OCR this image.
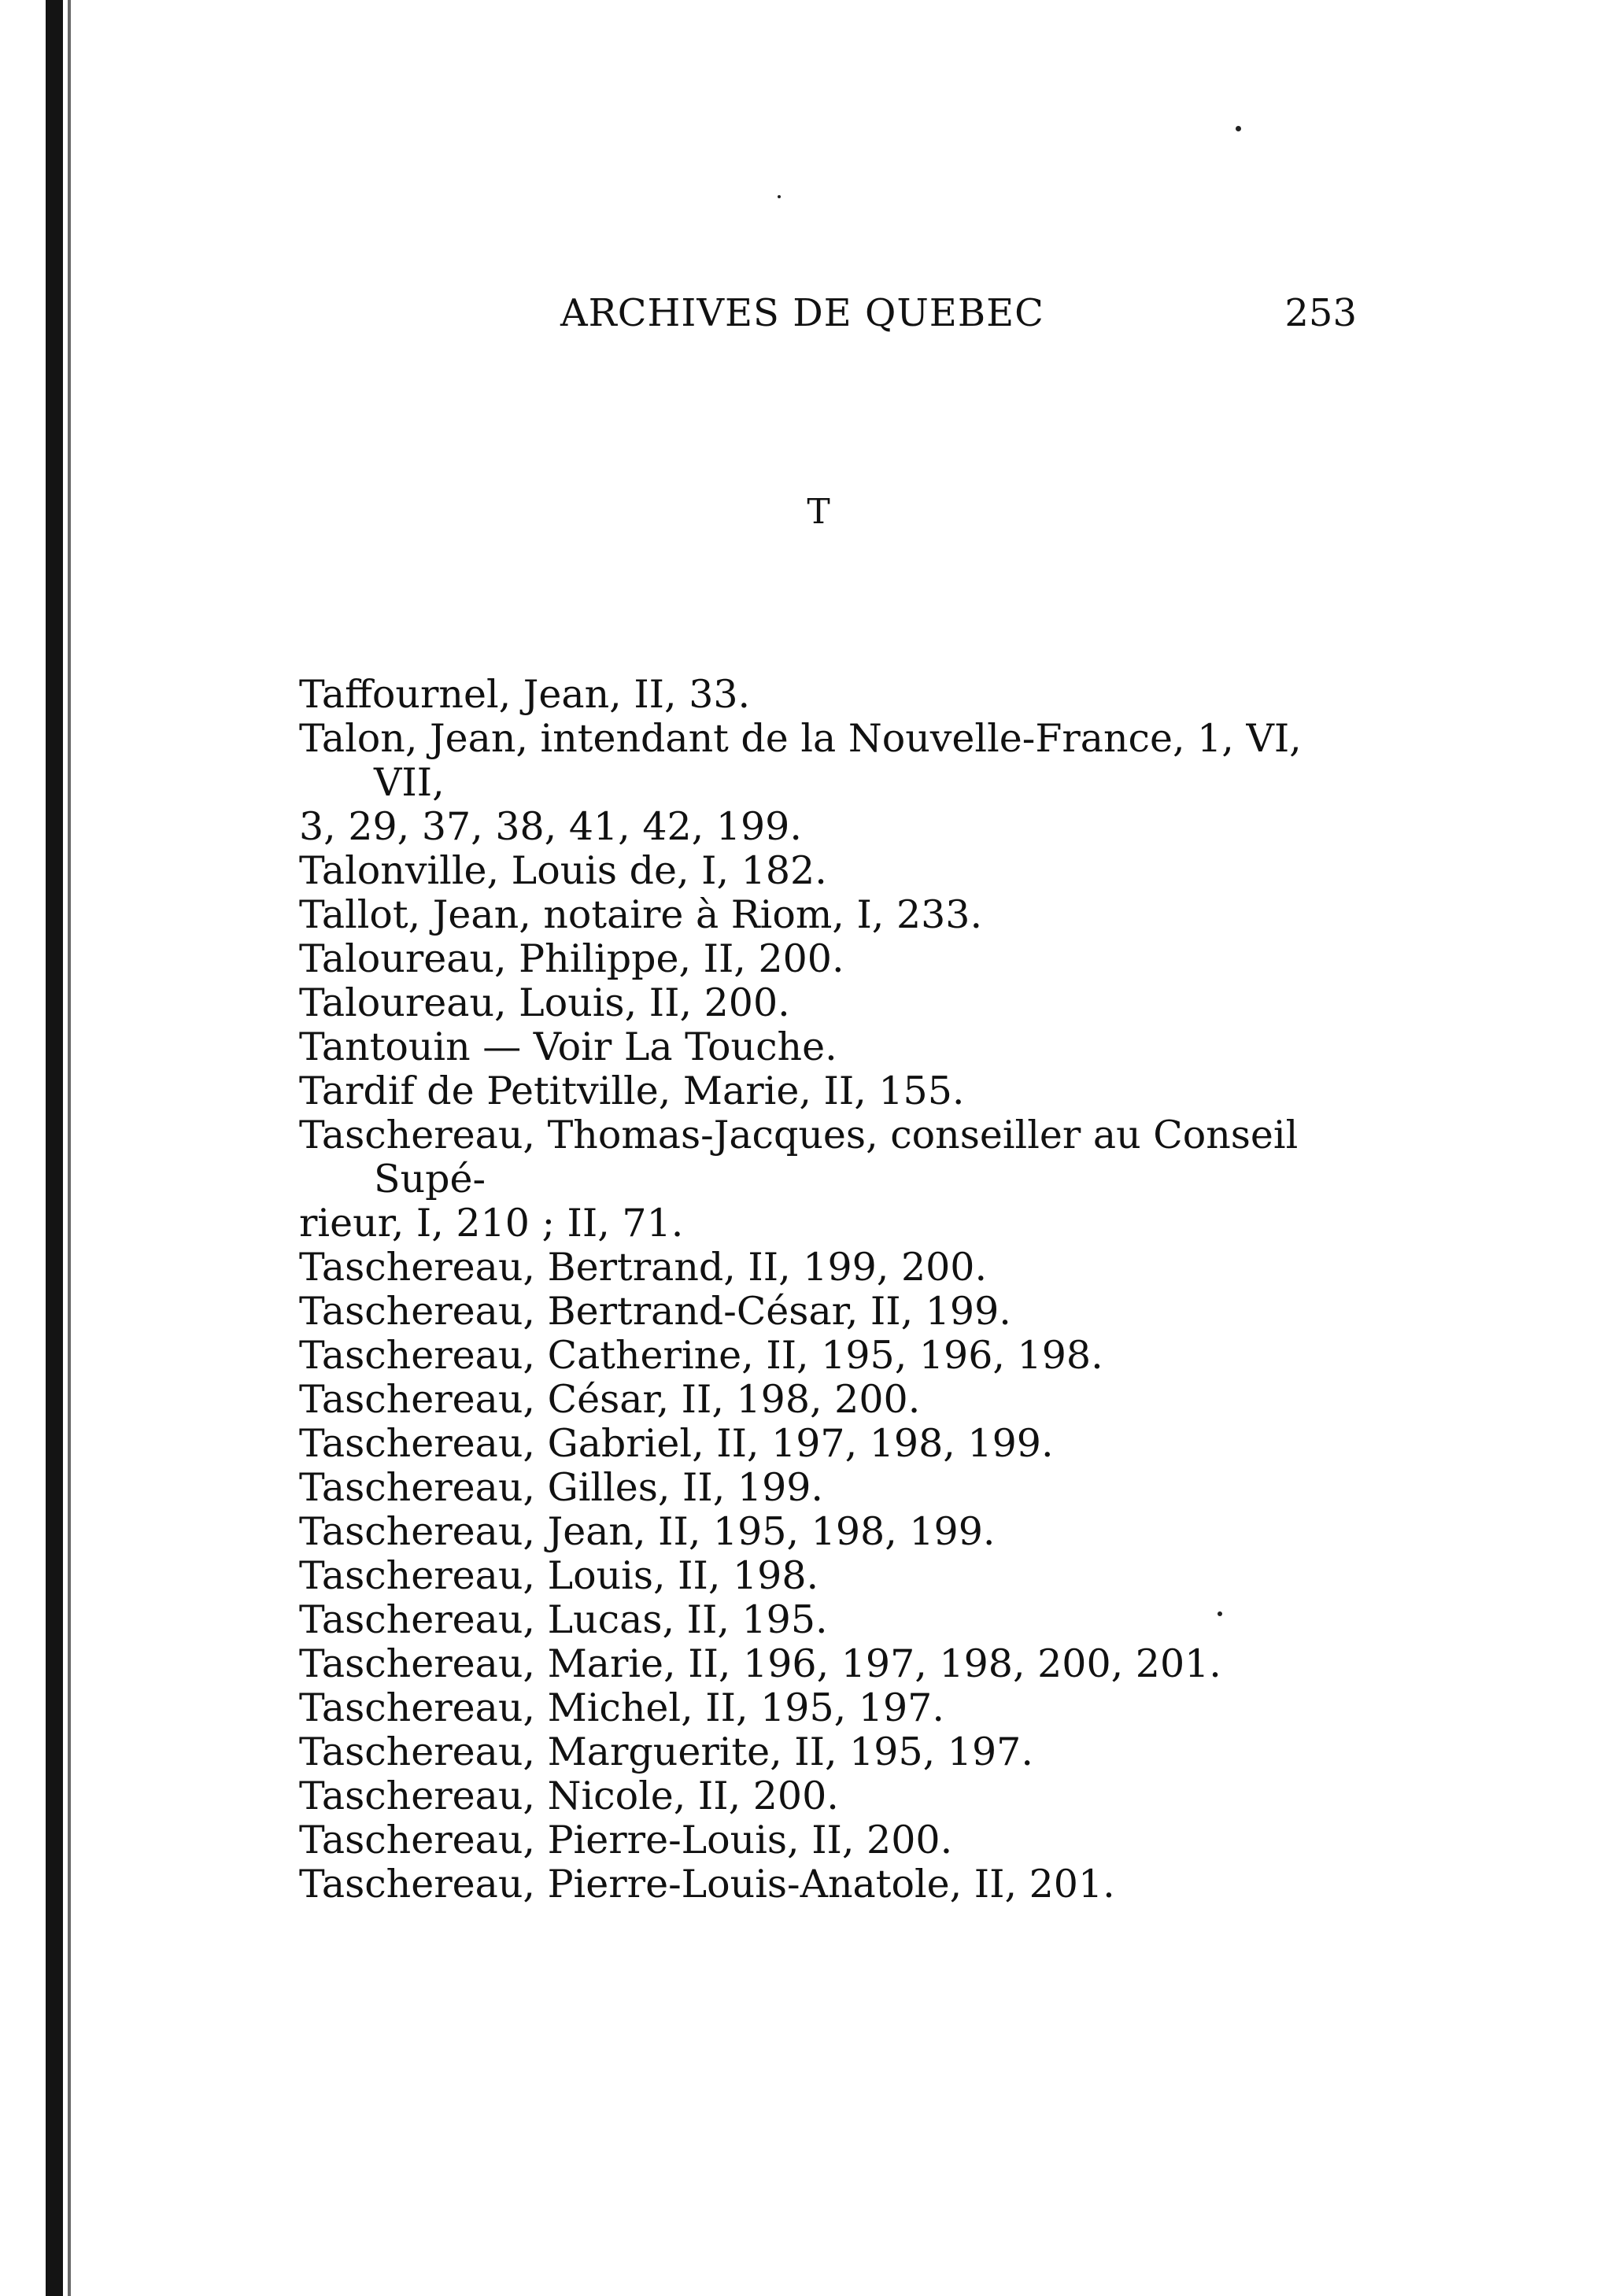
ARCHIVES DE QUEBEC	253
T
Taffournel, Jean, II, 33.
Talon, Jean, intendant de la Nouvelle-France, 1, VI, VII,
3, 29, 37, 38, 41, 42, 199.
Talonville, Louis de, I, 182.
Tallot, Jean, notaire à Riom, I, 233.
Taloureau, Philippe, II, 200.
Taloureau, Louis, II, 200.
Tantouin — Voir La Touche.
Tardif de Petitville, Marie, II, 155.
Taschereau, Thomas-Jacques, conseiller au Conseil Supé-
rieur, I, 210 ; II, 71.
Taschereau, Bertrand, II, 199, 200.
Taschereau, Bertrand-César, II, 199.
Taschereau, Catherine, II, 195, 196, 198.
Taschereau, César, II, 198, 200.
Taschereau, Gabriel, II, 197, 198, 199.
Taschereau, Gilles, II, 199.
Taschereau, Jean, II, 195, 198, 199.
Taschereau, Louis, II, 198.
Taschereau, Lucas, II, 195.
Taschereau, Marie, II, 196, 197, 198, 200, 201.
Taschereau, Michel, II, 195, 197.
Taschereau, Marguerite, II, 195, 197.
Taschereau, Nicole, II, 200.
Taschereau, Pierre-Louis, II, 200.
Taschereau, Pierre-Louis-Anatole, II, 201.
